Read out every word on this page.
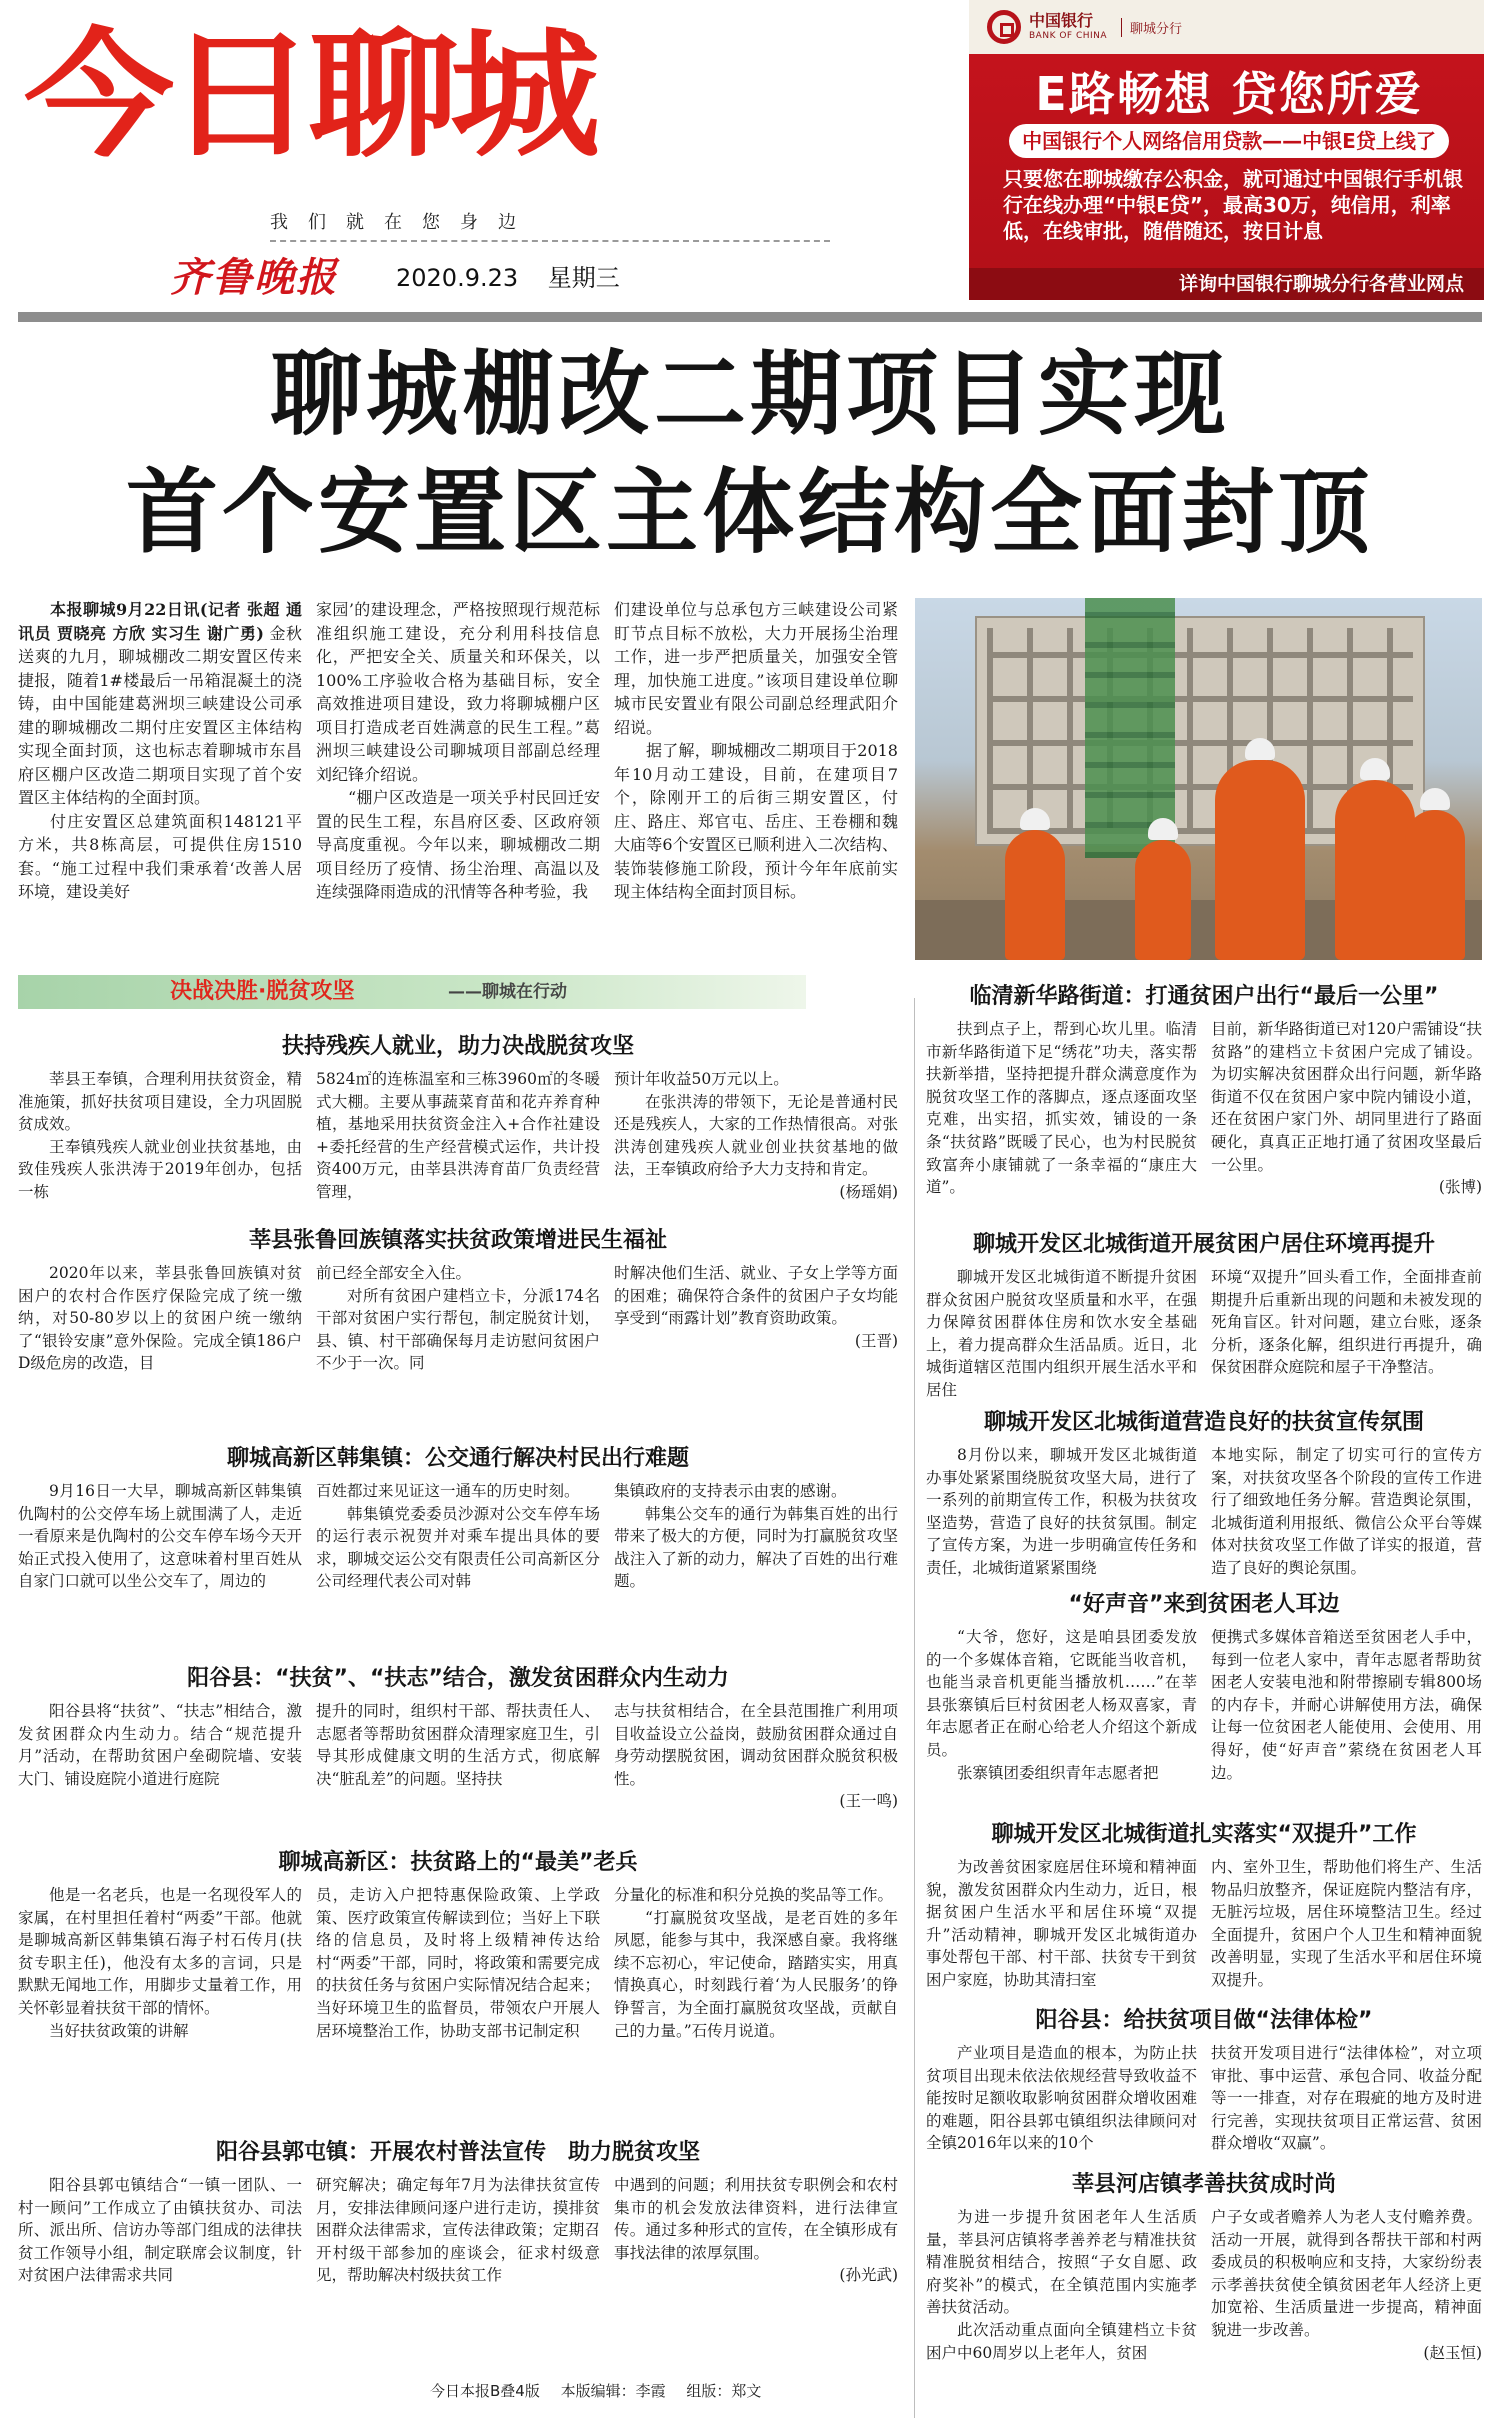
今日聊城
我们就在您身边
齐鲁晚报 2020.9.23 星期三
中国银行
BANK OF CHINA	聊城分行
E路畅想 贷您所爱
中国银行个人网络信用贷款——中银E贷上线了
只要您在聊城缴存公积金，就可通过中国银行手机银行在线办理“中银E贷”，最高30万，纯信用，利率低，在线审批，随借随还，按日计息
详询中国银行聊城分行各营业网点
聊城棚改二期项目实现
首个安置区主体结构全面封顶

本报聊城9月22日讯(记者 张超 通讯员 贾晓亮 方欣 实习生 谢广勇) 金秋送爽的九月，聊城棚改二期安置区传来捷报，随着1#楼最后一吊箱混凝土的浇铸，由中国能建葛洲坝三峡建设公司承建的聊城棚改二期付庄安置区主体结构实现全面封顶，这也标志着聊城市东昌府区棚户区改造二期项目实现了首个安置区主体结构的全面封顶。

付庄安置区总建筑面积148121平方米，共8栋高层，可提供住房1510套。“施工过程中我们秉承着‘改善人居环境，建设美好

家园’的建设理念，严格按照现行规范标准组织施工建设，充分利用科技信息化，严把安全关、质量关和环保关，以100%工序验收合格为基础目标，安全高效推进项目建设，致力将聊城棚户区项目打造成老百姓满意的民生工程。”葛洲坝三峡建设公司聊城项目部副总经理刘纪锋介绍说。

“棚户区改造是一项关乎村民回迁安置的民生工程，东昌府区委、区政府领导高度重视。今年以来，聊城棚改二期项目经历了疫情、扬尘治理、高温以及连续强降雨造成的汛情等各种考验，我

们建设单位与总承包方三峡建设公司紧盯节点目标不放松，大力开展扬尘治理工作，进一步严把质量关，加强安全管理，加快施工进度。”该项目建设单位聊城市民安置业有限公司副总经理武阳介绍说。

据了解，聊城棚改二期项目于2018年10月动工建设，目前，在建项目7个，除刚开工的后街三期安置区，付庄、路庄、郑官屯、岳庄、王卷棚和魏大庙等6个安置区已顺利进入二次结构、装饰装修施工阶段，预计今年年底前实现主体结构全面封顶目标。

决战决胜·脱贫攻坚	——聊城在行动
扶持残疾人就业，助力决战脱贫攻坚

莘县王奉镇，合理利用扶贫资金，精准施策，抓好扶贫项目建设，全力巩固脱贫成效。

王奉镇残疾人就业创业扶贫基地，由致佳残疾人张洪涛于2019年创办，包括一栋

5824㎡的连栋温室和三栋3960㎡的冬暖式大棚。主要从事蔬菜育苗和花卉养育种植，基地采用扶贫资金注入+合作社建设+委托经营的生产经营模式运作，共计投资400万元，由莘县洪涛育苗厂负责经营管理，

预计年收益50万元以上。

在张洪涛的带领下，无论是普通村民还是残疾人，大家的工作热情很高。对张洪涛创建残疾人就业创业扶贫基地的做法，王奉镇政府给予大力支持和肯定。

(杨瑶娟)
莘县张鲁回族镇落实扶贫政策增进民生福祉

2020年以来，莘县张鲁回族镇对贫困户的农村合作医疗保险完成了统一缴纳，对50-80岁以上的贫困户统一缴纳了“银铃安康”意外保险。完成全镇186户D级危房的改造，目

前已经全部安全入住。

对所有贫困户建档立卡，分派174名干部对贫困户实行帮包，制定脱贫计划，县、镇、村干部确保每月走访慰问贫困户不少于一次。同

时解决他们生活、就业、子女上学等方面的困难；确保符合条件的贫困户子女均能享受到“雨露计划”教育资助政策。

(王晋)
聊城高新区韩集镇：公交通行解决村民出行难题

9月16日一大早，聊城高新区韩集镇仇陶村的公交停车场上就围满了人，走近一看原来是仇陶村的公交车停车场今天开始正式投入使用了，这意味着村里百姓从自家门口就可以坐公交车了，周边的

百姓都过来见证这一通车的历史时刻。

韩集镇党委委员沙源对公交车停车场的运行表示祝贺并对乘车提出具体的要求，聊城交运公交有限责任公司高新区分公司经理代表公司对韩

集镇政府的支持表示由衷的感谢。

韩集公交车的通行为韩集百姓的出行带来了极大的方便，同时为打赢脱贫攻坚战注入了新的动力，解决了百姓的出行难题。

阳谷县：“扶贫”、“扶志”结合，激发贫困群众内生动力

阳谷县将“扶贫”、“扶志”相结合，激发贫困群众内生动力。结合“规范提升月”活动，在帮助贫困户垒砌院墙、安装大门、铺设庭院小道进行庭院

提升的同时，组织村干部、帮扶责任人、志愿者等帮助贫困群众清理家庭卫生，引导其形成健康文明的生活方式，彻底解决“脏乱差”的问题。坚持扶

志与扶贫相结合，在全县范围推广利用项目收益设立公益岗，鼓励贫困群众通过自身劳动摆脱贫困，调动贫困群众脱贫积极性。

(王一鸣)
聊城高新区：扶贫路上的“最美”老兵

他是一名老兵，也是一名现役军人的家属，在村里担任着村“两委”干部。他就是聊城高新区韩集镇石海子村石传月(扶贫专职主任)，他没有太多的言词，只是默默无闻地工作，用脚步丈量着工作，用关怀彰显着扶贫干部的情怀。

当好扶贫政策的讲解

员，走访入户把特惠保险政策、上学政策、医疗政策宣传解读到位；当好上下联络的信息员，及时将上级精神传达给村“两委”干部，同时，将政策和需要完成的扶贫任务与贫困户实际情况结合起来；当好环境卫生的监督员，带领农户开展人居环境整治工作，协助支部书记制定积

分量化的标准和积分兑换的奖品等工作。

“打赢脱贫攻坚战，是老百姓的多年夙愿，能参与其中，我深感自豪。我将继续不忘初心，牢记使命，踏踏实实，用真情换真心，时刻践行着‘为人民服务’的铮铮誓言，为全面打赢脱贫攻坚战，贡献自己的力量。”石传月说道。

阳谷县郭屯镇：开展农村普法宣传　助力脱贫攻坚

阳谷县郭屯镇结合“一镇一团队、一村一顾问”工作成立了由镇扶贫办、司法所、派出所、信访办等部门组成的法律扶贫工作领导小组，制定联席会议制度，针对贫困户法律需求共同

研究解决；确定每年7月为法律扶贫宣传月，安排法律顾问逐户进行走访，摸排贫困群众法律需求，宣传法律政策；定期召开村级干部参加的座谈会，征求村级意见，帮助解决村级扶贫工作

中遇到的问题；利用扶贫专职例会和农村集市的机会发放法律资料，进行法律宣传。通过多种形式的宣传，在全镇形成有事找法律的浓厚氛围。

(孙光武)
临清新华路街道：打通贫困户出行“最后一公里”

扶到点子上，帮到心坎儿里。临清市新华路街道下足“绣花”功夫，落实帮扶新举措，坚持把提升群众满意度作为脱贫攻坚工作的落脚点，逐点逐面攻坚克难，出实招，抓实效，铺设的一条条“扶贫路”既暖了民心，也为村民脱贫致富奔小康铺就了一条幸福的“康庄大道”。

目前，新华路街道已对120户需铺设“扶贫路”的建档立卡贫困户完成了铺设。为切实解决贫困群众出行问题，新华路街道不仅在贫困户家中院内铺设小道，还在贫困户家门外、胡同里进行了路面硬化，真真正正地打通了贫困攻坚最后一公里。

(张博)
聊城开发区北城街道开展贫困户居住环境再提升

聊城开发区北城街道不断提升贫困群众贫困户脱贫攻坚质量和水平，在强力保障贫困群体住房和饮水安全基础上，着力提高群众生活品质。近日，北城街道辖区范围内组织开展生活水平和居住

环境“双提升”回头看工作，全面排查前期提升后重新出现的问题和未被发现的死角盲区。针对问题，建立台账，逐条分析，逐条化解，组织进行再提升，确保贫困群众庭院和屋子干净整洁。

聊城开发区北城街道营造良好的扶贫宣传氛围

8月份以来，聊城开发区北城街道办事处紧紧围绕脱贫攻坚大局，进行了一系列的前期宣传工作，积极为扶贫攻坚造势，营造了良好的扶贫氛围。制定了宣传方案，为进一步明确宣传任务和责任，北城街道紧紧围绕

本地实际，制定了切实可行的宣传方案，对扶贫攻坚各个阶段的宣传工作进行了细致地任务分解。营造舆论氛围，北城街道利用报纸、微信公众平台等媒体对扶贫攻坚工作做了详实的报道，营造了良好的舆论氛围。

“好声音”来到贫困老人耳边

“大爷，您好，这是咱县团委发放的一个多媒体音箱，它既能当收音机，也能当录音机更能当播放机……”在莘县张寨镇后巨村贫困老人杨双喜家，青年志愿者正在耐心给老人介绍这个新成员。

张寨镇团委组织青年志愿者把

便携式多媒体音箱送至贫困老人手中，每到一位老人家中，青年志愿者帮助贫困老人安装电池和附带擦刷专辑800场的内存卡，并耐心讲解使用方法，确保让每一位贫困老人能使用、会使用、用得好，使“好声音”萦绕在贫困老人耳边。

聊城开发区北城街道扎实落实“双提升”工作

为改善贫困家庭居住环境和精神面貌，激发贫困群众内生动力，近日，根据贫困户生活水平和居住环境“双提升”活动精神，聊城开发区北城街道办事处帮包干部、村干部、扶贫专干到贫困户家庭，协助其清扫室

内、室外卫生，帮助他们将生产、生活物品归放整齐，保证庭院内整洁有序，无脏污垃圾，居住环境整洁卫生。经过全面提升，贫困户个人卫生和精神面貌改善明显，实现了生活水平和居住环境双提升。

阳谷县：给扶贫项目做“法律体检”

产业项目是造血的根本，为防止扶贫项目出现未依法依规经营导致收益不能按时足额收取影响贫困群众增收困难的难题，阳谷县郭屯镇组织法律顾问对全镇2016年以来的10个

扶贫开发项目进行“法律体检”，对立项审批、事中运营、承包合同、收益分配等一一排查，对存在瑕疵的地方及时进行完善，实现扶贫项目正常运营、贫困群众增收“双赢”。

莘县河店镇孝善扶贫成时尚

为进一步提升贫困老年人生活质量，莘县河店镇将孝善养老与精准扶贫精准脱贫相结合，按照“子女自愿、政府奖补”的模式，在全镇范围内实施孝善扶贫活动。

此次活动重点面向全镇建档立卡贫困户中60周岁以上老年人，贫困

户子女或者赡养人为老人支付赡养费。活动一开展，就得到各帮扶干部和村两委成员的积极响应和支持，大家纷纷表示孝善扶贫使全镇贫困老年人经济上更加宽裕、生活质量进一步提高，精神面貌进一步改善。

(赵玉恒)
今日本报B叠4版 本版编辑：李霞 组版：郑文
